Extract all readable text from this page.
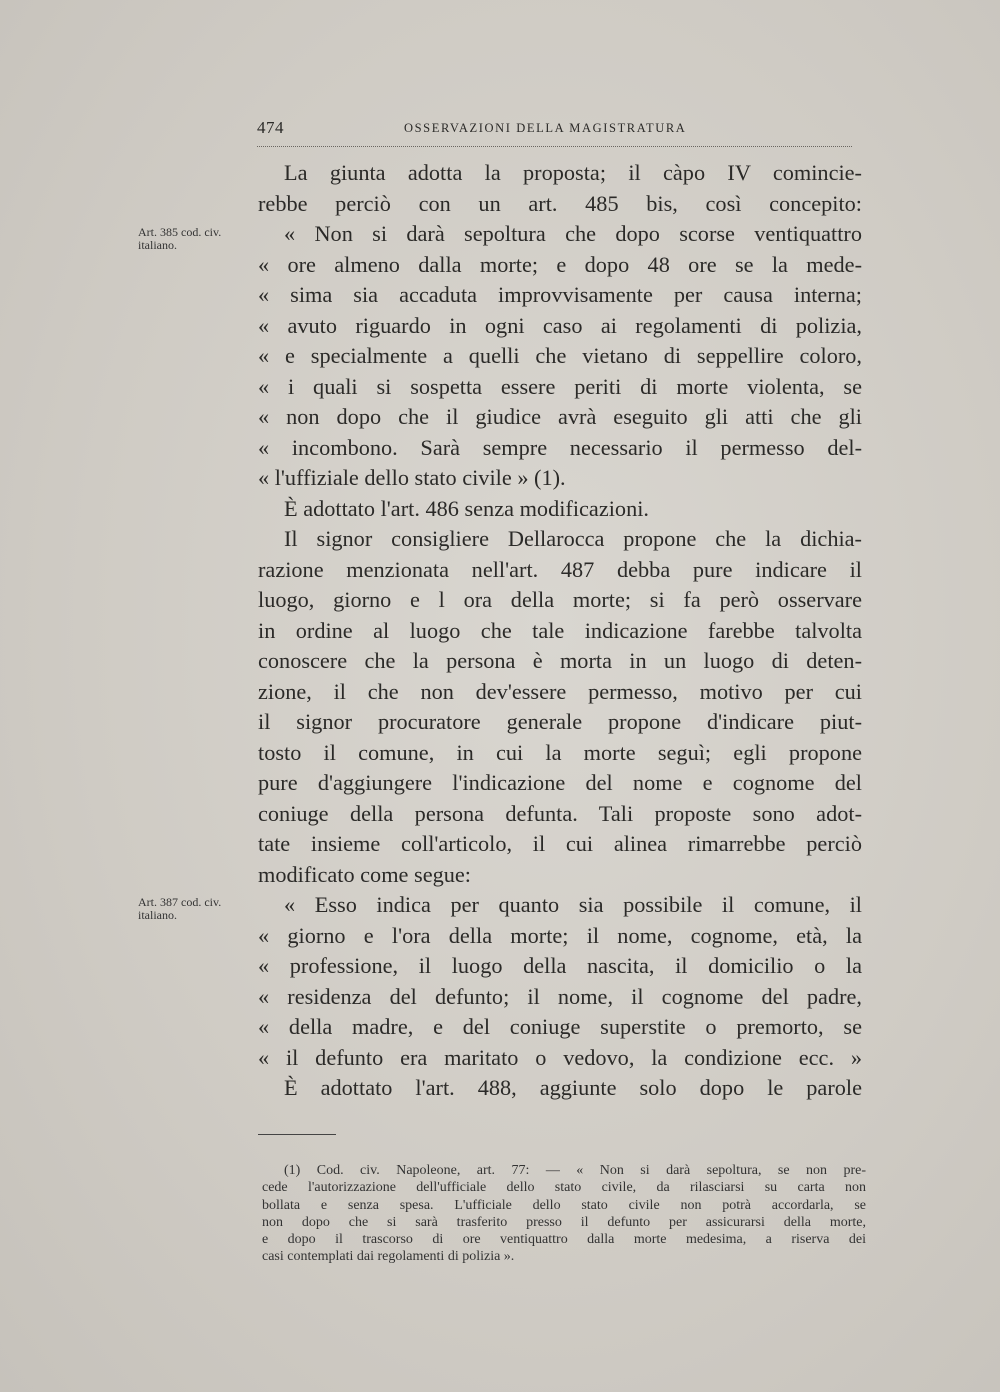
474	OSSERVAZIONI DELLA MAGISTRATURA
Art. 385 cod. civ.
italiano.
Art. 387 cod. civ.
italiano.
La giunta adotta la proposta; il càpo IV comincie-
rebbe perciò con un art. 485 bis, così concepito:
« Non si darà sepoltura che dopo scorse ventiquattro
« ore almeno dalla morte; e dopo 48 ore se la mede-
« sima sia accaduta improvvisamente per causa interna;
« avuto riguardo in ogni caso ai regolamenti di polizia,
« e specialmente a quelli che vietano di seppellire coloro,
« i quali si sospetta essere periti di morte violenta, se
« non dopo che il giudice avrà eseguito gli atti che gli
« incombono. Sarà sempre necessario il permesso del-
« l'uffiziale dello stato civile » (1).
È adottato l'art. 486 senza modificazioni.
Il signor consigliere Dellarocca propone che la dichia-
razione menzionata nell'art. 487 debba pure indicare il
luogo, giorno e l ora della morte; si fa però osservare
in ordine al luogo che tale indicazione farebbe talvolta
conoscere che la persona è morta in un luogo di deten-
zione, il che non dev'essere permesso, motivo per cui
il signor procuratore generale propone d'indicare piut-
tosto il comune, in cui la morte seguì; egli propone
pure d'aggiungere l'indicazione del nome e cognome del
coniuge della persona defunta. Tali proposte sono adot-
tate insieme coll'articolo, il cui alinea rimarrebbe perciò
modificato come segue:
« Esso indica per quanto sia possibile il comune, il
« giorno e l'ora della morte; il nome, cognome, età, la
« professione, il luogo della nascita, il domicilio o la
« residenza del defunto; il nome, il cognome del padre,
« della madre, e del coniuge superstite o premorto, se
« il defunto era maritato o vedovo, la condizione ecc. »
È adottato l'art. 488, aggiunte solo dopo le parole
(1) Cod. civ. Napoleone, art. 77: — « Non si darà sepoltura, se non pre-
cede l'autorizzazione dell'ufficiale dello stato civile, da rilasciarsi su carta non
bollata e senza spesa. L'ufficiale dello stato civile non potrà accordarla, se
non dopo che si sarà trasferito presso il defunto per assicurarsi della morte,
e dopo il trascorso di ore ventiquattro dalla morte medesima, a riserva dei
casi contemplati dai regolamenti di polizia ».
